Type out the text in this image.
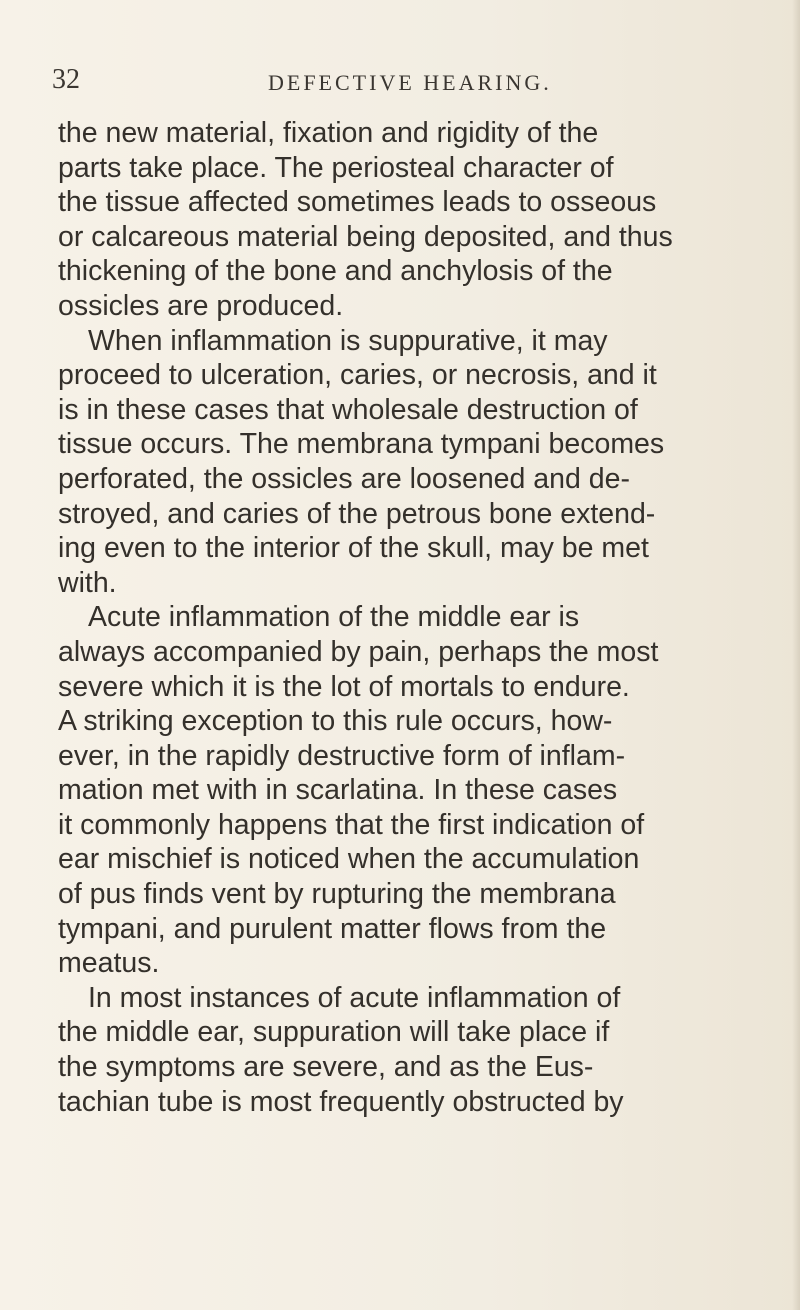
32	DEFECTIVE HEARING.
the new material, fixation and rigidity of the
parts take place. The periosteal character of
the tissue affected sometimes leads to osseous
or calcareous material being deposited, and thus
thickening of the bone and anchylosis of the
ossicles are produced.
When inflammation is suppurative, it may
proceed to ulceration, caries, or necrosis, and it
is in these cases that wholesale destruction of
tissue occurs. The membrana tympani becomes
perforated, the ossicles are loosened and de-
stroyed, and caries of the petrous bone extend-
ing even to the interior of the skull, may be met
with.
Acute inflammation of the middle ear is
always accompanied by pain, perhaps the most
severe which it is the lot of mortals to endure.
A striking exception to this rule occurs, how-
ever, in the rapidly destructive form of inflam-
mation met with in scarlatina. In these cases
it commonly happens that the first indication of
ear mischief is noticed when the accumulation
of pus finds vent by rupturing the membrana
tympani, and purulent matter flows from the
meatus.
In most instances of acute inflammation of
the middle ear, suppuration will take place if
the symptoms are severe, and as the Eus-
tachian tube is most frequently obstructed by
